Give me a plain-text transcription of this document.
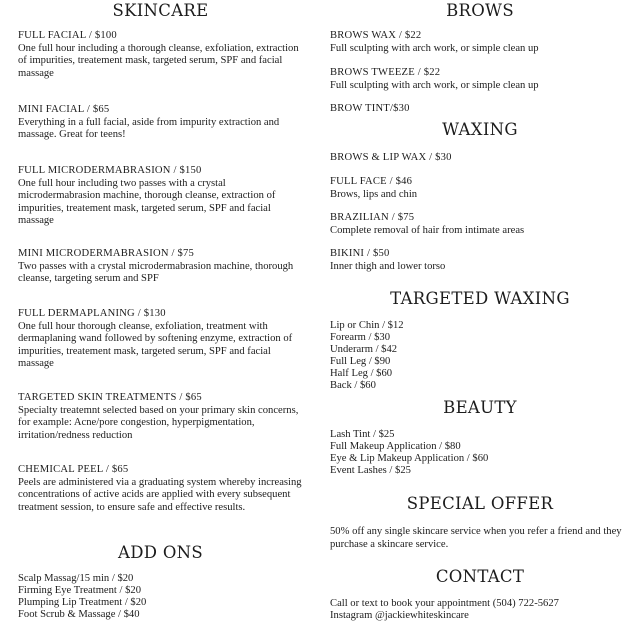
SKINCARE
FULL FACIAL / $100
One full hour including a thorough cleanse, exfoliation, extraction of impurities, treatement mask, targeted serum, SPF and facial massage
MINI FACIAL / $65
Everything in a full facial, aside from impurity extraction and massage. Great for teens!
FULL MICRODERMABRASION / $150
One full hour including two passes with a crystal microdermabrasion machine, thorough cleanse, extraction of impurities, treatement mask, targeted serum, SPF and facial massage
MINI MICRODERMABRASION / $75
Two passes with a crystal microdermabrasion machine, thorough cleanse, targeting serum and SPF
FULL DERMAPLANING / $130
One full hour thorough cleanse, exfoliation, treatment with dermaplaning wand followed by softening enzyme, extraction of impurities, treatement mask, targeted serum, SPF and facial massage
TARGETED SKIN TREATMENTS / $65
Specialty treatemnt selected based on your primary skin concerns, for example: Acne/pore congestion, hyperpigmentation, irritation/redness reduction
CHEMICAL PEEL / $65
Peels are administered via a graduating system whereby increasing concentrations of active acids are applied with every subsequent treatment session, to ensure safe and effective results.
ADD ONS
Scalp Massag/15 min / $20
Firming Eye Treatment / $20
Plumping Lip Treatment / $20
Foot Scrub & Massage / $40
BROWS
BROWS WAX / $22
Full sculpting with arch work, or simple clean up
BROWS TWEEZE / $22
Full sculpting with arch work, or simple clean up
BROW TINT/$30
WAXING
BROWS & LIP WAX / $30
FULL FACE / $46
Brows, lips and chin
BRAZILIAN / $75
Complete removal of hair from intimate areas
BIKINI / $50
Inner thigh and lower torso
TARGETED WAXING
Lip or Chin / $12
Forearm / $30
Underarm / $42
Full Leg / $90
Half Leg / $60
Back / $60
BEAUTY
Lash Tint / $25
Full Makeup Application / $80
Eye & Lip Makeup Application / $60
Event Lashes / $25
SPECIAL OFFER
50% off any single skincare service when you refer a friend and they purchase a skincare service.
CONTACT
Call or text to book your appointment (504) 722-5627
Instagram @jackiewhiteskincare
